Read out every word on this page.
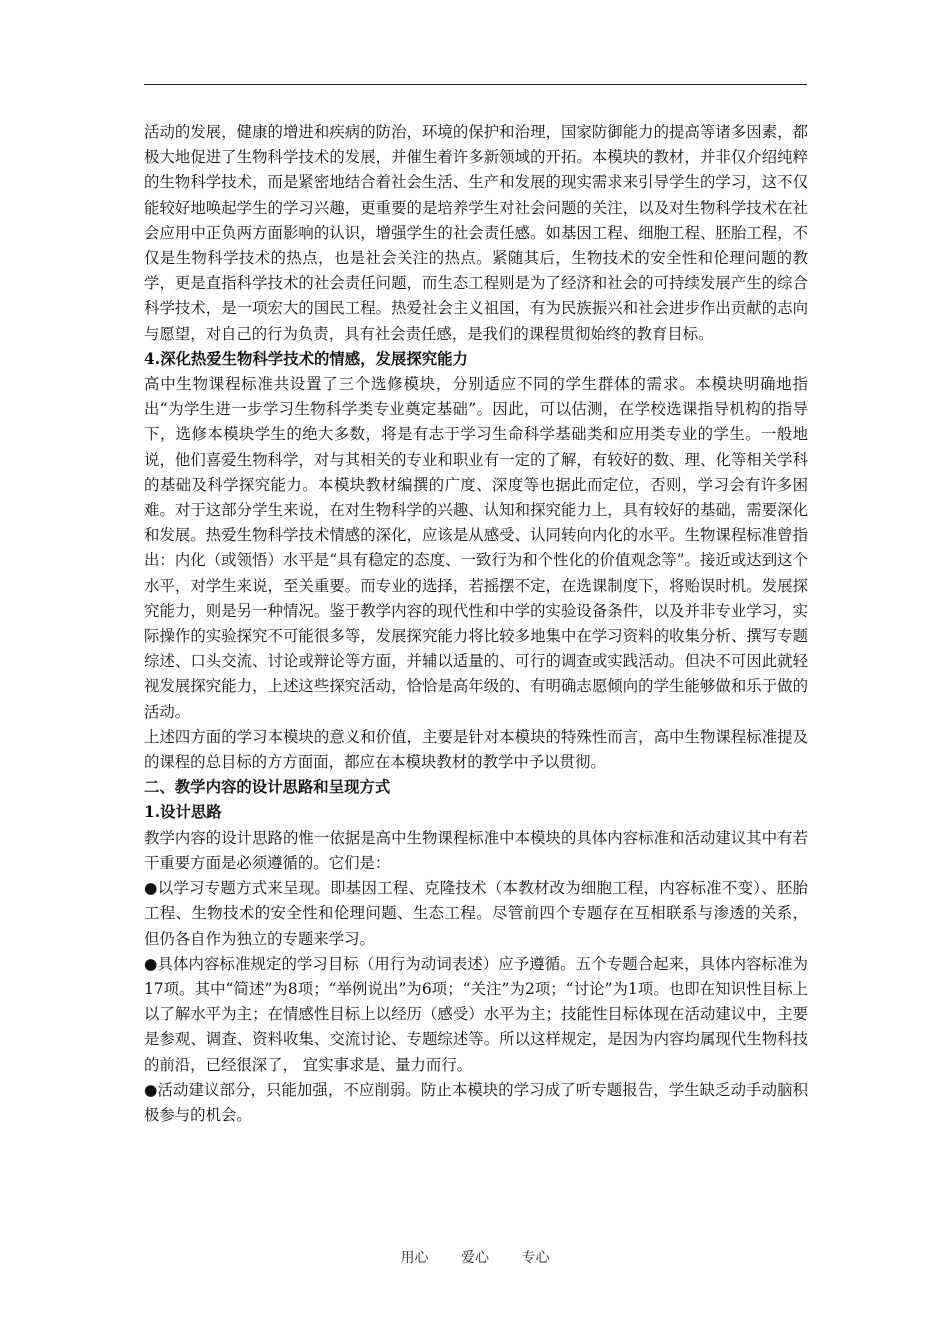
活动的发展，健康的增进和疾病的防治，环境的保护和治理，国家防御能力的提高等诸多因素，都极大地促进了生物科学技术的发展，并催生着许多新领域的开拓。本模块的教材，并非仅介绍纯粹的生物科学技术，而是紧密地结合着社会生活、生产和发展的现实需求来引导学生的学习，这不仅能较好地唤起学生的学习兴趣，更重要的是培养学生对社会问题的关注，以及对生物科学技术在社会应用中正负两方面影响的认识，增强学生的社会责任感。如基因工程、细胞工程、胚胎工程，不仅是生物科学技术的热点，也是社会关注的热点。紧随其后，生物技术的安全性和伦理问题的教学，更是直指科学技术的社会责任问题，而生态工程则是为了经济和社会的可持续发展产生的综合科学技术，是一项宏大的国民工程。热爱社会主义祖国，有为民族振兴和社会进步作出贡献的志向与愿望，对自己的行为负责，具有社会责任感，是我们的课程贯彻始终的教育目标。

4.深化热爱生物科学技术的情感，发展探究能力

高中生物课程标准共设置了三个选修模块，分别适应不同的学生群体的需求。本模块明确地指出“为学生进一步学习生物科学类专业奠定基础”。因此，可以估测，在学校选课指导机构的指导下，选修本模块学生的绝大多数，将是有志于学习生命科学基础类和应用类专业的学生。一般地说，他们喜爱生物科学，对与其相关的专业和职业有一定的了解，有较好的数、理、化等相关学科的基础及科学探究能力。本模块教材编撰的广度、深度等也据此而定位，否则，学习会有许多困难。对于这部分学生来说，在对生物科学的兴趣、认知和探究能力上，具有较好的基础，需要深化和发展。热爱生物科学技术情感的深化，应该是从感受、认同转向内化的水平。生物课程标准曾指出：内化（或领悟）水平是“具有稳定的态度、一致行为和个性化的价值观念等”。接近或达到这个水平，对学生来说，至关重要。而专业的选择，若摇摆不定，在选课制度下，将贻误时机。发展探究能力，则是另一种情况。鉴于教学内容的现代性和中学的实验设备条件，以及并非专业学习，实际操作的实验探究不可能很多等，发展探究能力将比较多地集中在学习资料的收集分析、撰写专题综述、口头交流、讨论或辩论等方面，并辅以适量的、可行的调查或实践活动。但决不可因此就轻视发展探究能力，上述这些探究活动，恰恰是高年级的、有明确志愿倾向的学生能够做和乐于做的活动。

上述四方面的学习本模块的意义和价值，主要是针对本模块的特殊性而言，高中生物课程标准提及的课程的总目标的方方面面，都应在本模块教材的教学中予以贯彻。

二、教学内容的设计思路和呈现方式

1.设计思路

教学内容的设计思路的惟一依据是高中生物课程标准中本模块的具体内容标准和活动建议其中有若干重要方面是必须遵循的。它们是：

●以学习专题方式来呈现。即基因工程、克隆技术（本教材改为细胞工程，内容标准不变）、胚胎工程、生物技术的安全性和伦理问题、生态工程。尽管前四个专题存在互相联系与渗透的关系， 但仍各自作为独立的专题来学习。

●具体内容标准规定的学习目标（用行为动词表述）应予遵循。五个专题合起来，具体内容标准为17项。其中“简述”为8项；“举例说出”为6项；“关注”为2项；“讨论”为1项。也即在知识性目标上以了解水平为主；在情感性目标上以经历（感受）水平为主；技能性目标体现在活动建议中，主要是参观、调查、资料收集、交流讨论、专题综述等。所以这样规定，是因为内容均属现代生物科技的前沿，已经很深了， 宜实事求是、量力而行。

●活动建议部分，只能加强，不应削弱。防止本模块的学习成了听专题报告，学生缺乏动手动脑积极参与的机会。

用心 爱心 专心
